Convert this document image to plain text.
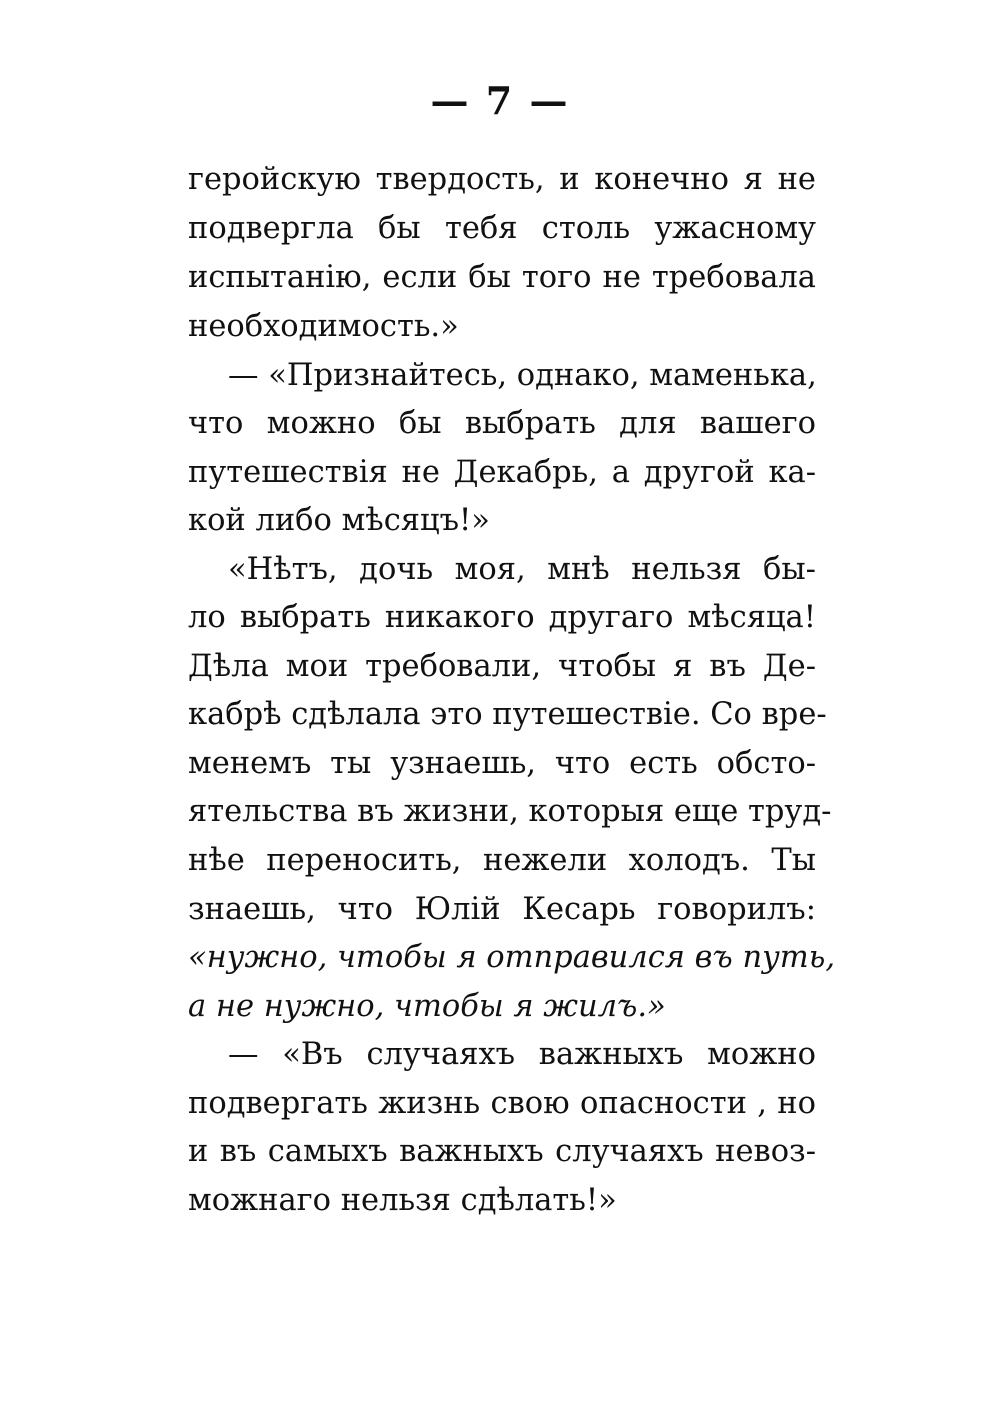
— 7 —
геройскую твердость, и конечно я не
подвергла бы тебя столь ужасному
испытанію, если бы того не требовала
необходимость.»
— «Признайтесь, однако, маменька,
что можно бы выбрать для вашего
путешествія не Декабрь, а другой ка-
кой либо мѣсяцъ!»
«Нѣтъ, дочь моя, мнѣ нельзя бы-
ло выбрать никакого другаго мѣсяца!
Дѣла мои требовали, чтобы я въ Де-
кабрѣ сдѣлала это путешествіе. Со вре-
менемъ ты узнаешь, что есть обсто-
ятельства въ жизни, которыя еще труд-
нѣе переносить, нежели холодъ. Ты
знаешь, что Юлій Кесарь говорилъ:
«нужно, чтобы я отправился въ путь,
а не нужно, чтобы я жилъ.»
— «Въ случаяхъ важныхъ можно
подвергать жизнь свою опасности , но
и въ самыхъ важныхъ случаяхъ невоз-
можнаго нельзя сдѣлать!»
